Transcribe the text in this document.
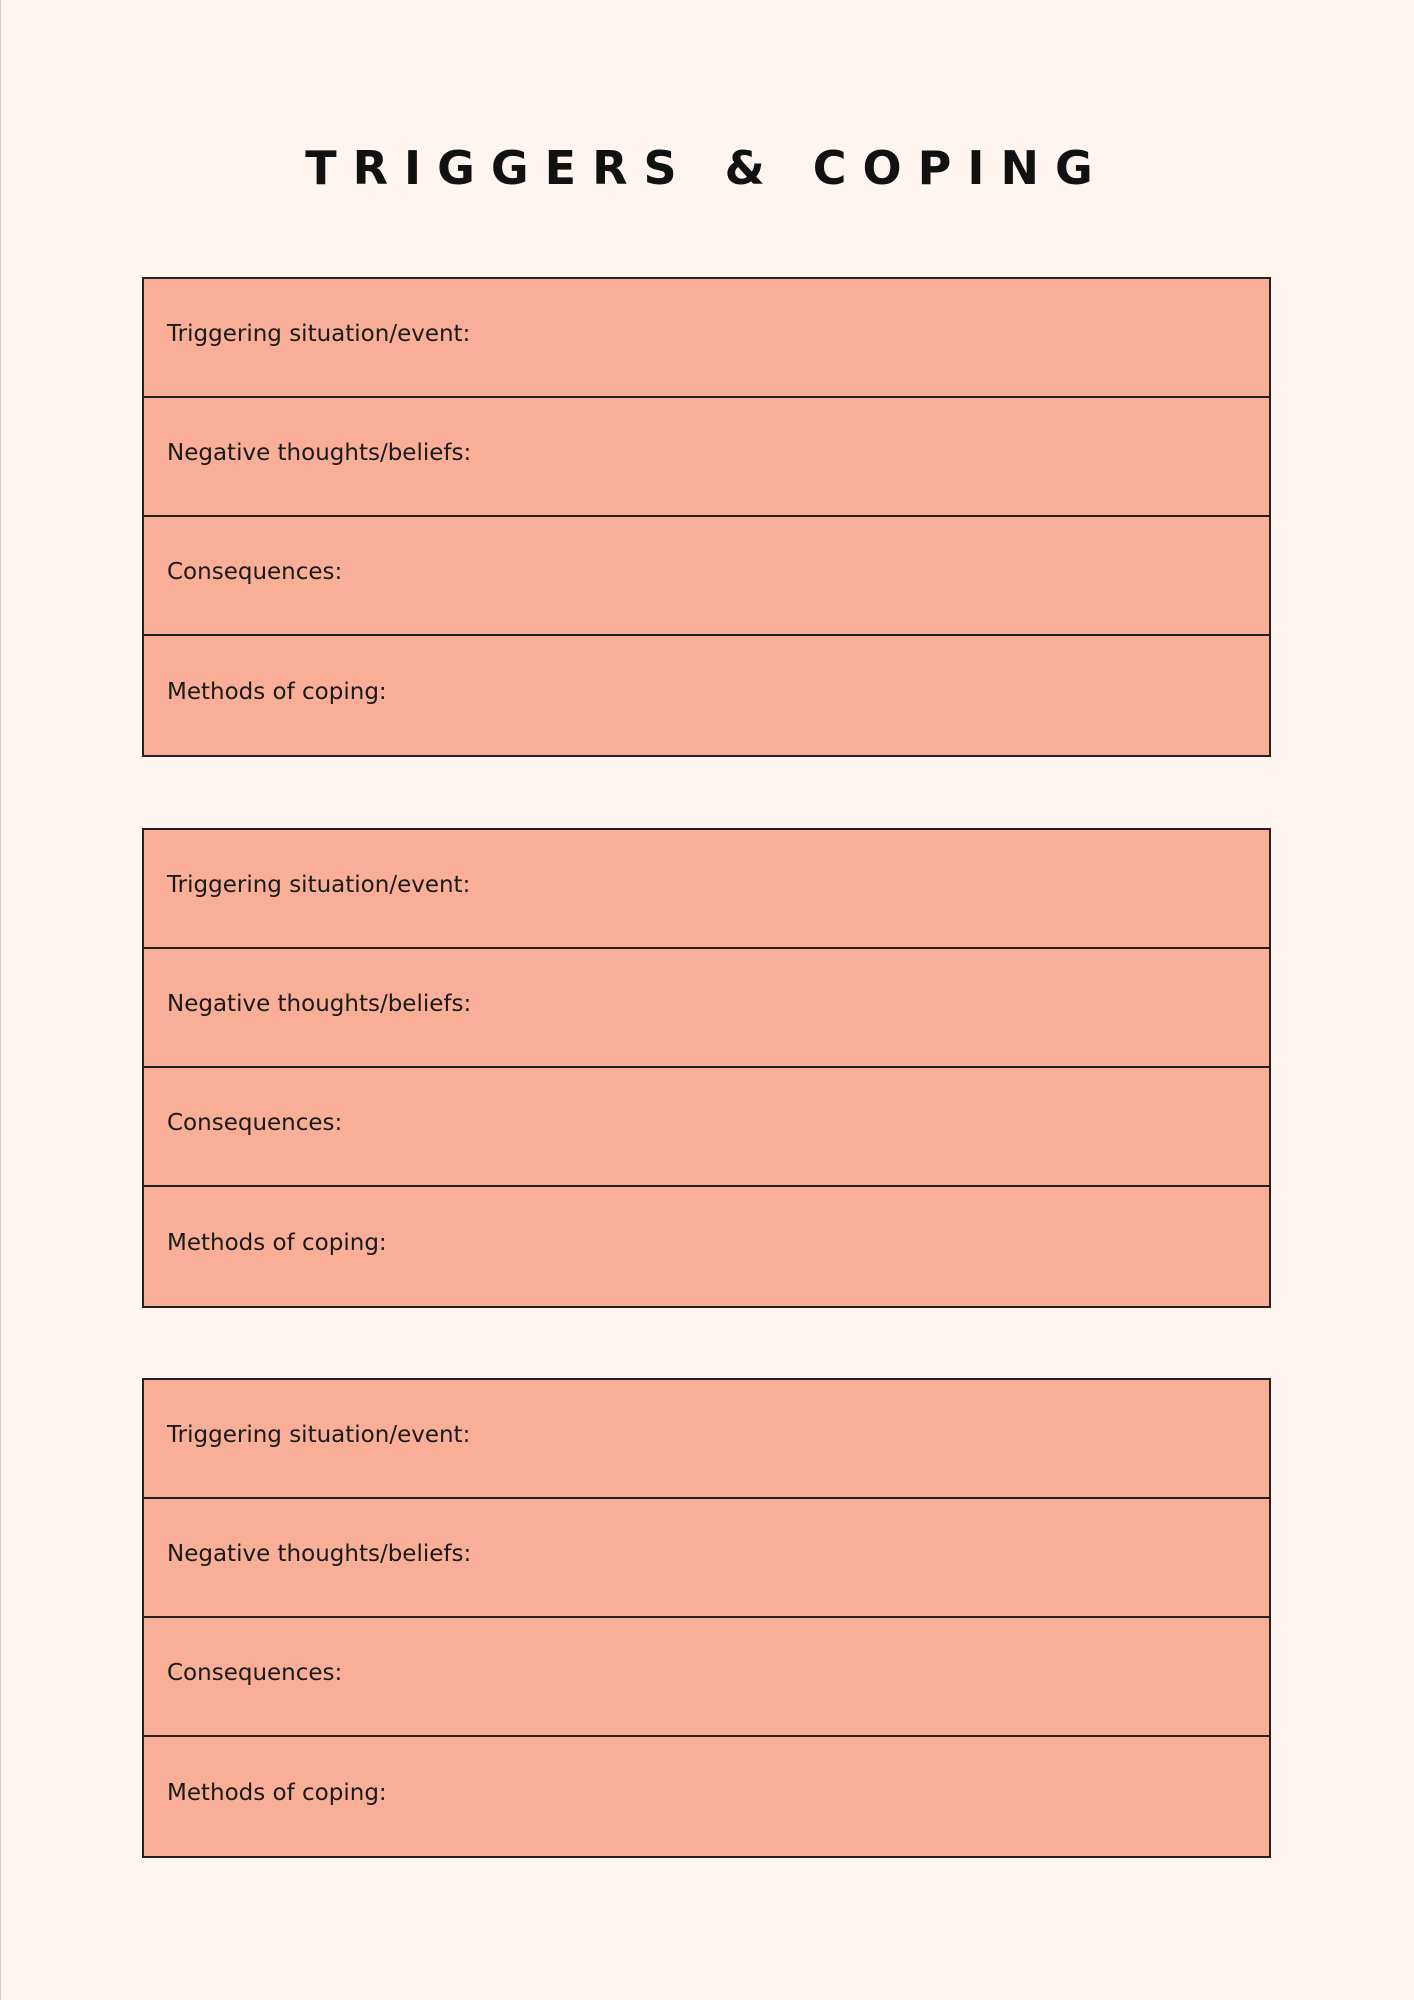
TRIGGERS & COPING
Triggering situation/event:
Negative thoughts/beliefs:
Consequences:
Methods of coping:
Triggering situation/event:
Negative thoughts/beliefs:
Consequences:
Methods of coping:
Triggering situation/event:
Negative thoughts/beliefs:
Consequences:
Methods of coping:
